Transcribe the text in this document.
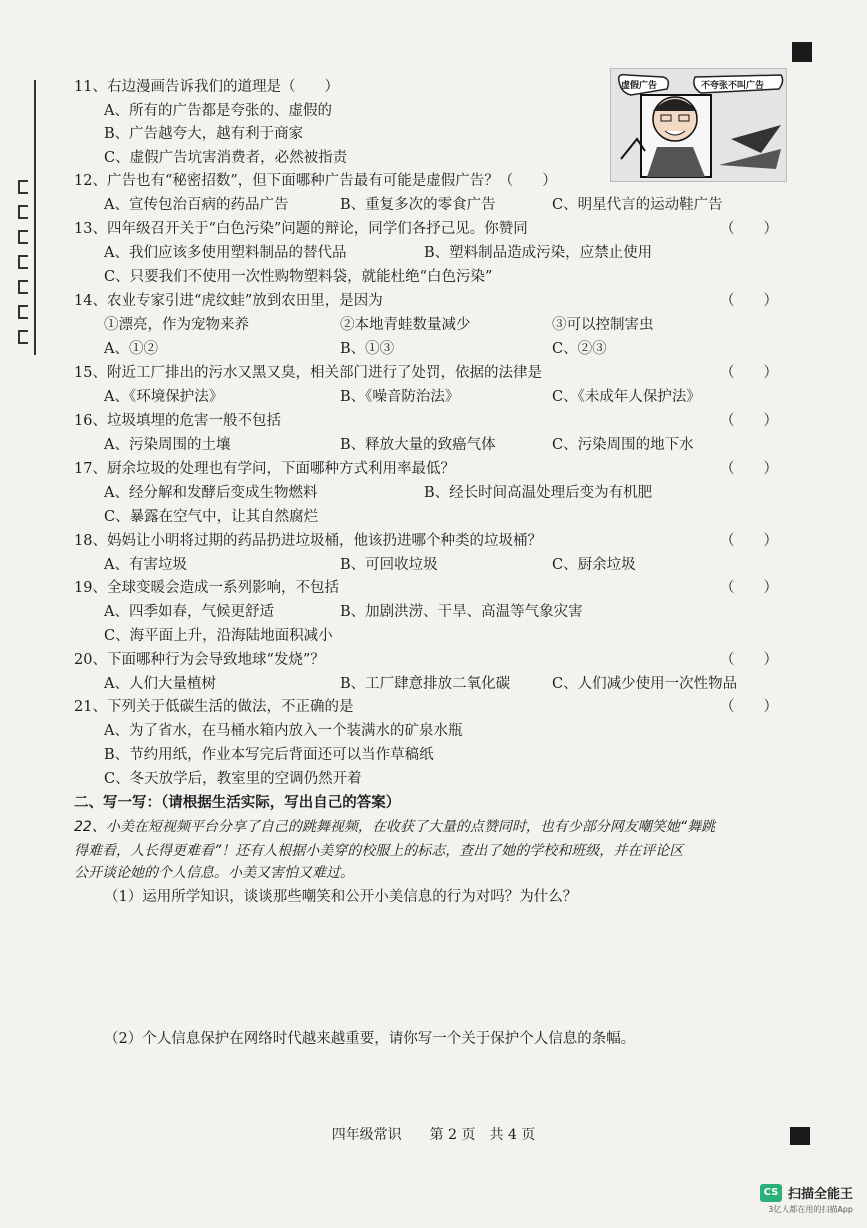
虚假广告	不夸张不叫广告
11、右边漫画告诉我们的道理是（　　）
A、所有的广告都是夸张的、虚假的
B、广告越夸大，越有利于商家
C、虚假广告坑害消费者，必然被指责
12、广告也有“秘密招数”，但下面哪种广告最有可能是虚假广告？（　　）
A、宣传包治百病的药品广告	B、重复多次的零食广告	C、明星代言的运动鞋广告
13、四年级召开关于“白色污染”问题的辩论，同学们各抒己见。你赞同	（　　）
A、我们应该多使用塑料制品的替代品	B、塑料制品造成污染，应禁止使用
C、只要我们不使用一次性购物塑料袋，就能杜绝“白色污染”
14、农业专家引进“虎纹蛙”放到农田里，是因为	（　　）
①漂亮，作为宠物来养	②本地青蛙数量减少	③可以控制害虫
A、①②	B、①③	C、②③
15、附近工厂排出的污水又黑又臭，相关部门进行了处罚，依据的法律是	（　　）
A、《环境保护法》	B、《噪音防治法》	C、《未成年人保护法》
16、垃圾填埋的危害一般不包括	（　　）
A、污染周围的土壤	B、释放大量的致癌气体	C、污染周围的地下水
17、厨余垃圾的处理也有学问，下面哪种方式利用率最低？	（　　）
A、经分解和发酵后变成生物燃料	B、经长时间高温处理后变为有机肥
C、暴露在空气中，让其自然腐烂
18、妈妈让小明将过期的药品扔进垃圾桶，他该扔进哪个种类的垃圾桶？	（　　）
A、有害垃圾	B、可回收垃圾	C、厨余垃圾
19、全球变暖会造成一系列影响，不包括	（　　）
A、四季如春，气候更舒适	B、加剧洪涝、干旱、高温等气象灾害
C、海平面上升，沿海陆地面积减小
20、下面哪种行为会导致地球“发烧”？	（　　）
A、人们大量植树	B、工厂肆意排放二氧化碳	C、人们减少使用一次性物品
21、下列关于低碳生活的做法，不正确的是	（　　）
A、为了省水，在马桶水箱内放入一个装满水的矿泉水瓶
B、节约用纸，作业本写完后背面还可以当作草稿纸
C、冬天放学后，教室里的空调仍然开着
二、写一写：（请根据生活实际，写出自己的答案）
22、小美在短视频平台分享了自己的跳舞视频，在收获了大量的点赞同时，也有少部分网友嘲笑她“舞跳
得难看，人长得更难看”！还有人根据小美穿的校服上的标志，查出了她的学校和班级，并在评论区
公开谈论她的个人信息。小美又害怕又难过。
（1）运用所学知识，谈谈那些嘲笑和公开小美信息的行为对吗？为什么？
（2）个人信息保护在网络时代越来越重要，请你写一个关于保护个人信息的条幅。
四年级常识　　第 2 页　共 4 页
CS 扫描全能王
3亿人都在用的扫描App
